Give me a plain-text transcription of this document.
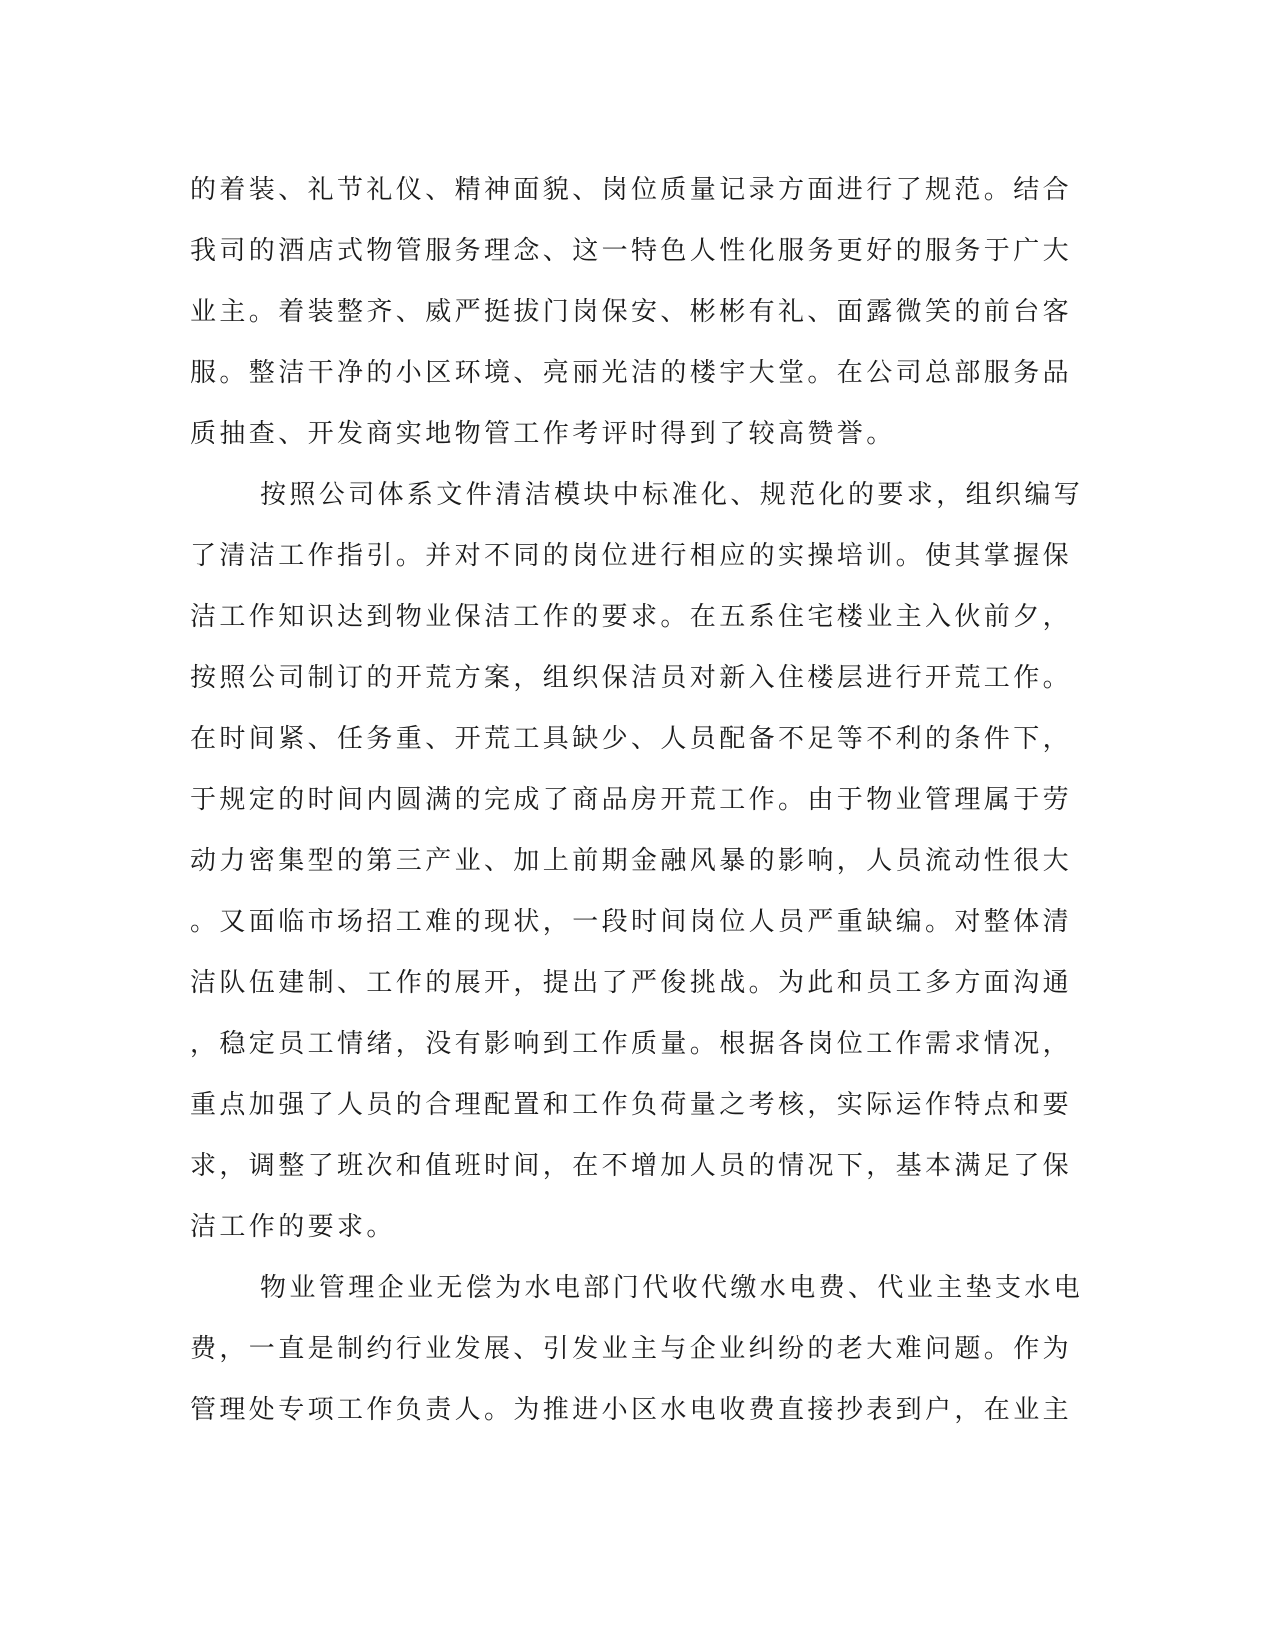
的着装、礼节礼仪、精神面貌、岗位质量记录方面进行了规范。结合
我司的酒店式物管服务理念、这一特色人性化服务更好的服务于广大
业主。着装整齐、威严挺拔门岗保安、彬彬有礼、面露微笑的前台客
服。整洁干净的小区环境、亮丽光洁的楼宇大堂。在公司总部服务品
质抽查、开发商实地物管工作考评时得到了较高赞誉。
按照公司体系文件清洁模块中标准化、规范化的要求，组织编写
了清洁工作指引。并对不同的岗位进行相应的实操培训。使其掌握保
洁工作知识达到物业保洁工作的要求。在五系住宅楼业主入伙前夕，
按照公司制订的开荒方案，组织保洁员对新入住楼层进行开荒工作。
在时间紧、任务重、开荒工具缺少、人员配备不足等不利的条件下，
于规定的时间内圆满的完成了商品房开荒工作。由于物业管理属于劳
动力密集型的第三产业、加上前期金融风暴的影响，人员流动性很大
。又面临市场招工难的现状，一段时间岗位人员严重缺编。对整体清
洁队伍建制、工作的展开，提出了严俊挑战。为此和员工多方面沟通
，稳定员工情绪，没有影响到工作质量。根据各岗位工作需求情况，
重点加强了人员的合理配置和工作负荷量之考核，实际运作特点和要
求，调整了班次和值班时间，在不增加人员的情况下，基本满足了保
洁工作的要求。
物业管理企业无偿为水电部门代收代缴水电费、代业主垫支水电
费，一直是制约行业发展、引发业主与企业纠纷的老大难问题。作为
管理处专项工作负责人。为推进小区水电收费直接抄表到户，在业主
